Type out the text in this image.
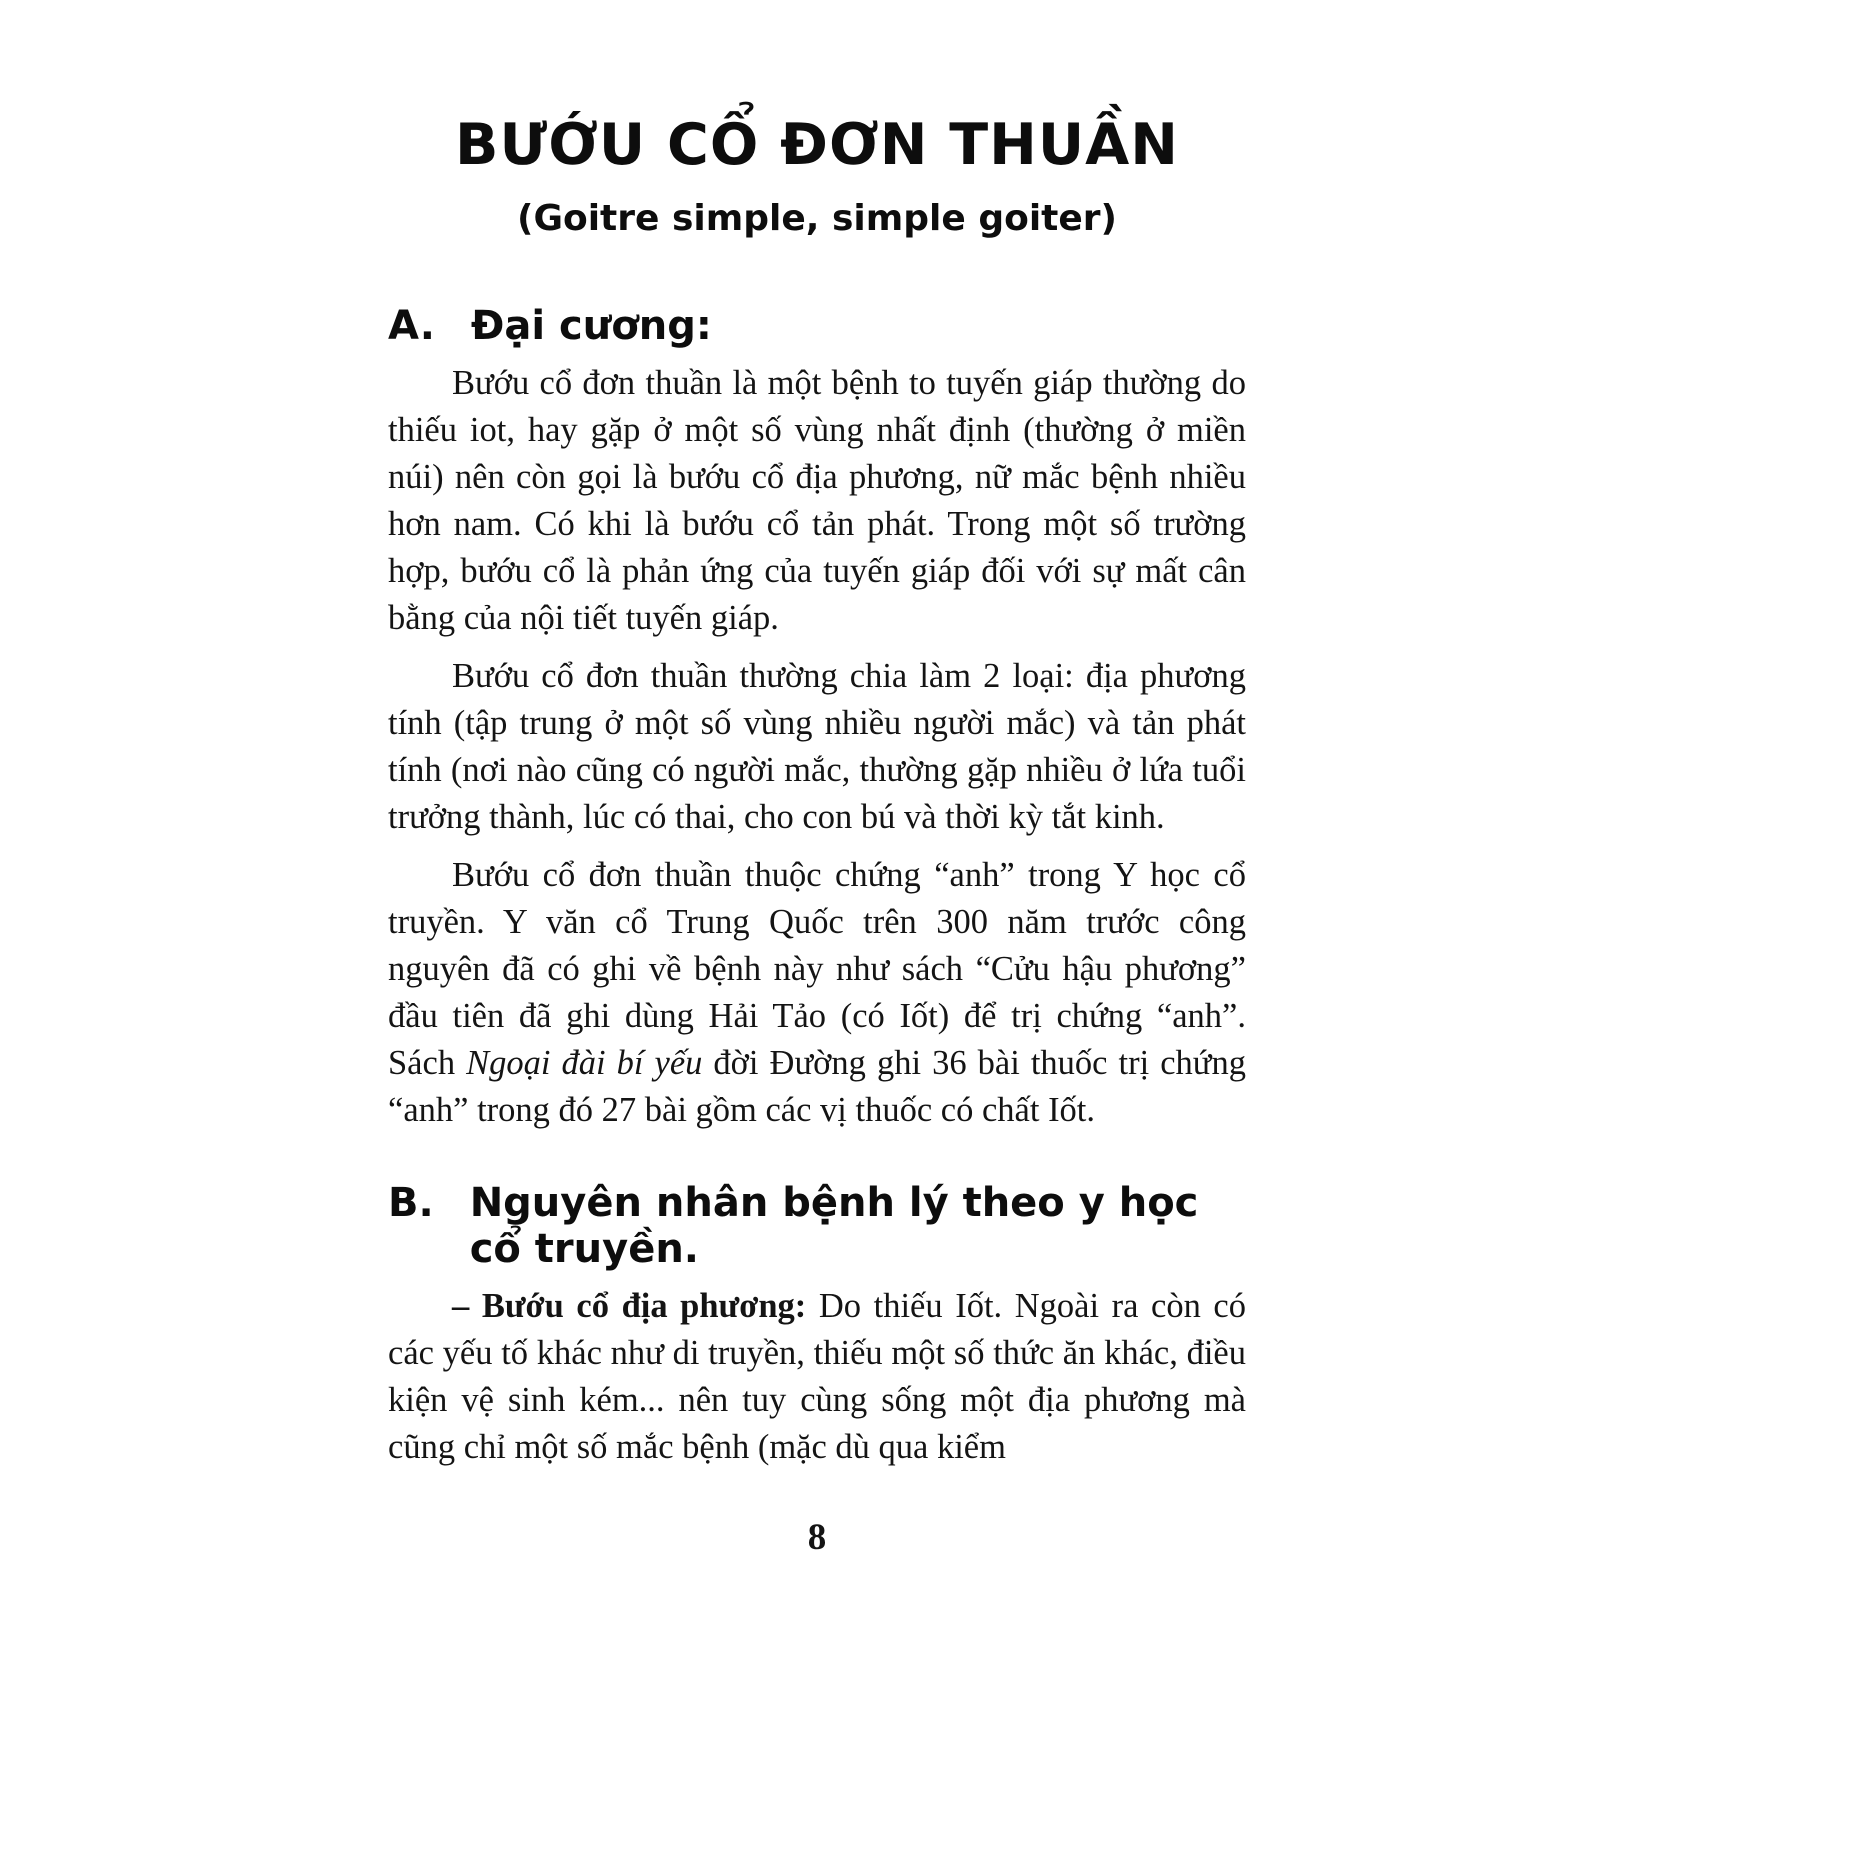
BƯỚU CỔ ĐƠN THUẦN
(Goitre simple, simple goiter)
A. Đại cương:

Bướu cổ đơn thuần là một bệnh to tuyến giáp thường do thiếu iot, hay gặp ở một số vùng nhất định (thường ở miền núi) nên còn gọi là bướu cổ địa phương, nữ mắc bệnh nhiều hơn nam. Có khi là bướu cổ tản phát. Trong một số trường hợp, bướu cổ là phản ứng của tuyến giáp đối với sự mất cân bằng của nội tiết tuyến giáp.

Bướu cổ đơn thuần thường chia làm 2 loại: địa phương tính (tập trung ở một số vùng nhiều người mắc) và tản phát tính (nơi nào cũng có người mắc, thường gặp nhiều ở lứa tuổi trưởng thành, lúc có thai, cho con bú và thời kỳ tắt kinh.

Bướu cổ đơn thuần thuộc chứng “anh” trong Y học cổ truyền. Y văn cổ Trung Quốc trên 300 năm trước công nguyên đã có ghi về bệnh này như sách “Cửu hậu phương” đầu tiên đã ghi dùng Hải Tảo (có Iốt) để trị chứng “anh”. Sách Ngoại đài bí yếu đời Đường ghi 36 bài thuốc trị chứng “anh” trong đó 27 bài gồm các vị thuốc có chất Iốt.

B. Nguyên nhân bệnh lý theo y học cổ truyền.

– Bướu cổ địa phương: Do thiếu Iốt. Ngoài ra còn có các yếu tố khác như di truyền, thiếu một số thức ăn khác, điều kiện vệ sinh kém... nên tuy cùng sống một địa phương mà cũng chỉ một số mắc bệnh (mặc dù qua kiểm

8
